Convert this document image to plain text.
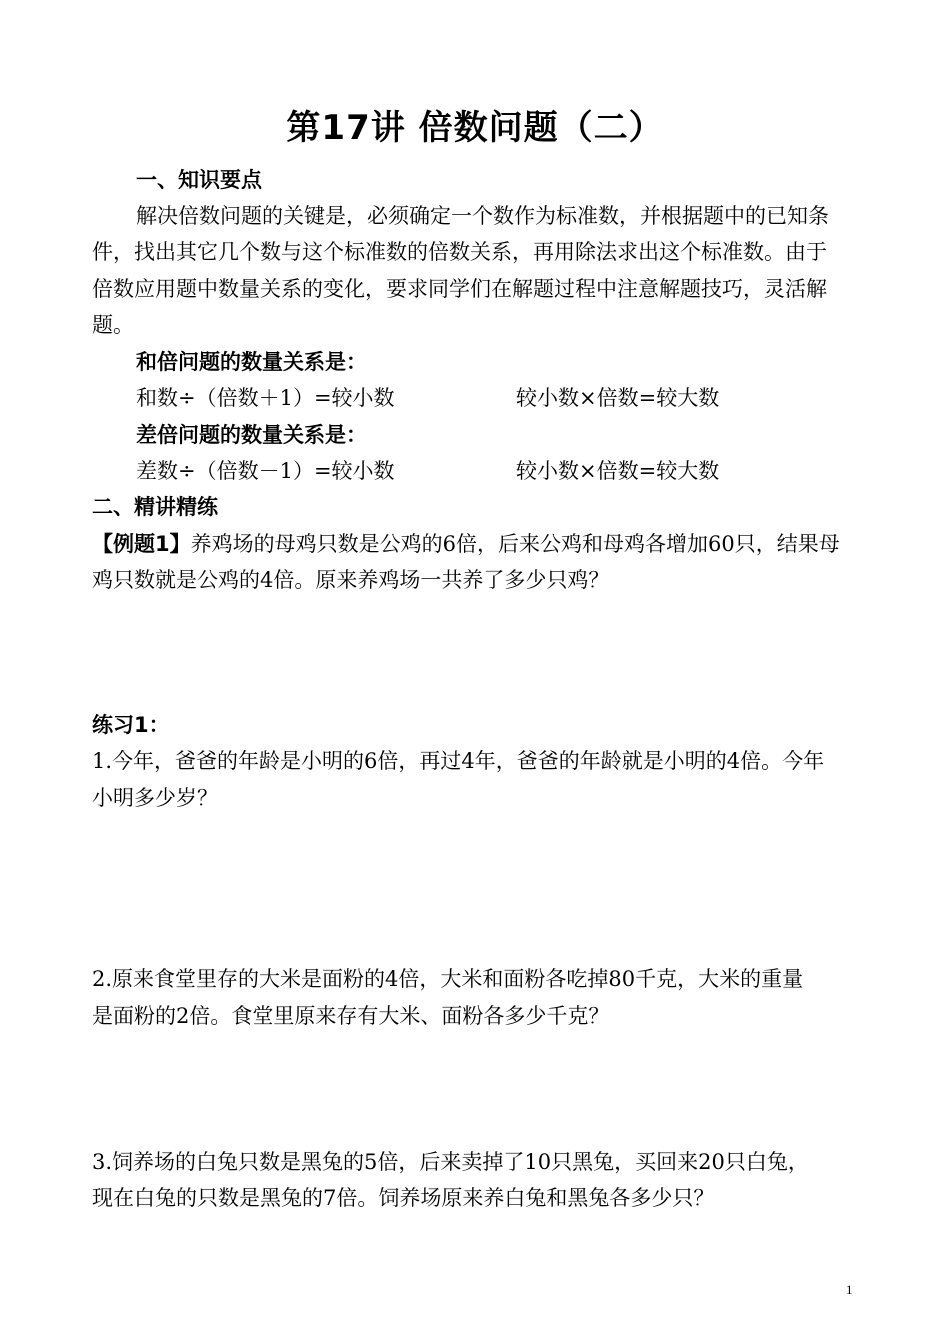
第17讲 倍数问题（二）
一、知识要点
解决倍数问题的关键是，必须确定一个数作为标准数，并根据题中的已知条
件，找出其它几个数与这个标准数的倍数关系，再用除法求出这个标准数。由于
倍数应用题中数量关系的变化，要求同学们在解题过程中注意解题技巧，灵活解
题。
和倍问题的数量关系是：
和数÷（倍数＋1）=较小数	较小数×倍数=较大数
差倍问题的数量关系是：
差数÷（倍数－1）=较小数	较小数×倍数=较大数
二、精讲精练
【例题1】养鸡场的母鸡只数是公鸡的6倍，后来公鸡和母鸡各增加60只，结果母
鸡只数就是公鸡的4倍。原来养鸡场一共养了多少只鸡？
练习1：
1.今年，爸爸的年龄是小明的6倍，再过4年，爸爸的年龄就是小明的4倍。今年
小明多少岁？
2.原来食堂里存的大米是面粉的4倍，大米和面粉各吃掉80千克，大米的重量
是面粉的2倍。食堂里原来存有大米、面粉各多少千克？
3.饲养场的白兔只数是黑兔的5倍，后来卖掉了10只黑兔，买回来20只白兔，
现在白兔的只数是黑兔的7倍。饲养场原来养白兔和黑兔各多少只？
1
